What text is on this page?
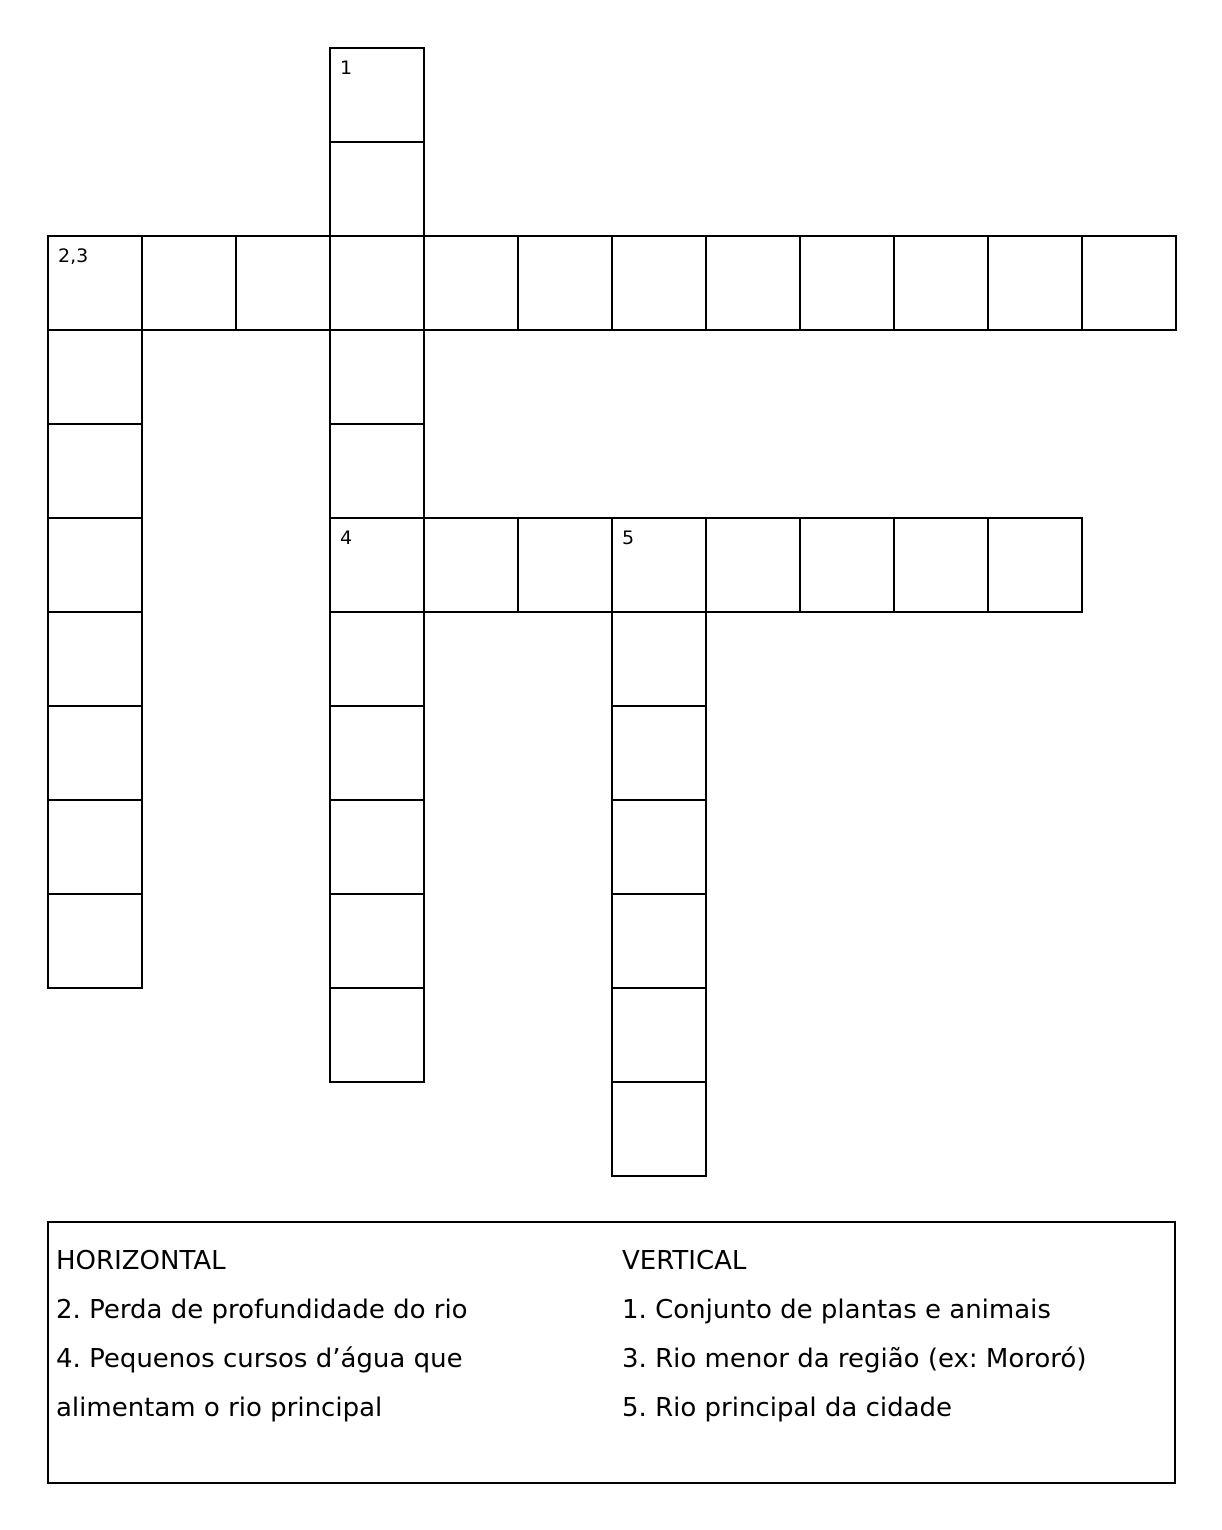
2,3
1
4	5
HORIZONTAL
2. Perda de profundidade do rio
4. Pequenos cursos d’água que
alimentam o rio principal
VERTICAL
1. Conjunto de plantas e animais
3. Rio menor da região (ex: Mororó)
5. Rio principal da cidade
